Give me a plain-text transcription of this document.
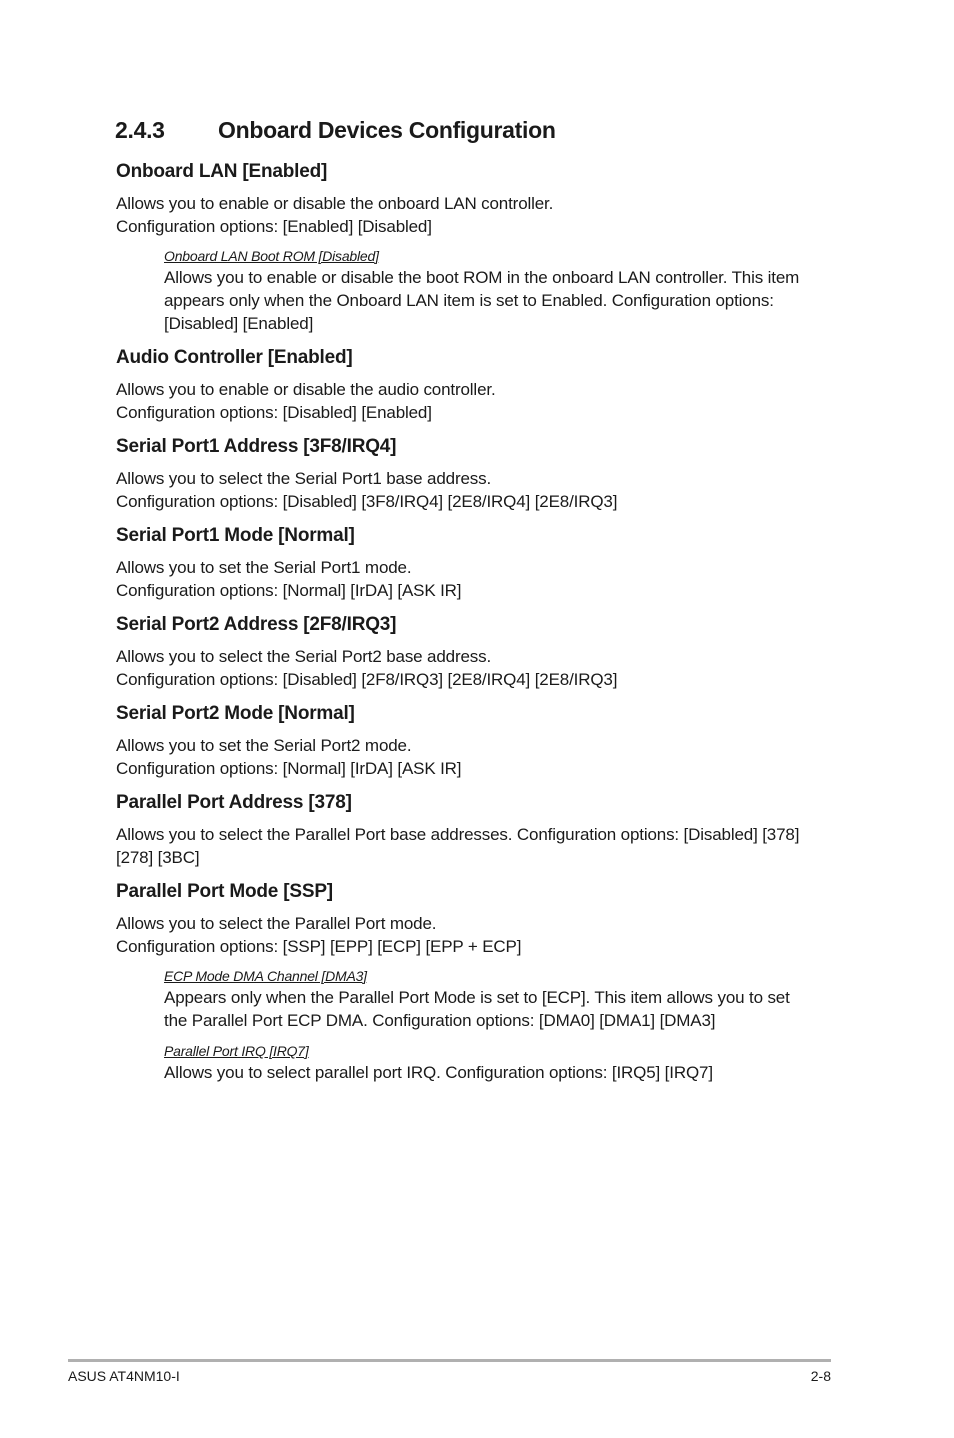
2.4.3 Onboard Devices Configuration
Onboard LAN [Enabled]

Allows you to enable or disable the onboard LAN controller.

Configuration options: [Enabled] [Disabled]

Onboard LAN Boot ROM [Disabled]

Allows you to enable or disable the boot ROM in the onboard LAN controller. This item

appears only when the Onboard LAN item is set to Enabled. Configuration options:

[Disabled] [Enabled]

Audio Controller [Enabled]

Allows you to enable or disable the audio controller.

Configuration options: [Disabled] [Enabled]

Serial Port1 Address [3F8/IRQ4]

Allows you to select the Serial Port1 base address.

Configuration options: [Disabled] [3F8/IRQ4] [2E8/IRQ4] [2E8/IRQ3]

Serial Port1 Mode [Normal]

Allows you to set the Serial Port1 mode.

Configuration options: [Normal] [IrDA] [ASK IR]

Serial Port2 Address [2F8/IRQ3]

Allows you to select the Serial Port2 base address.

Configuration options: [Disabled] [2F8/IRQ3] [2E8/IRQ4] [2E8/IRQ3]

Serial Port2 Mode [Normal]

Allows you to set the Serial Port2 mode.

Configuration options: [Normal] [IrDA] [ASK IR]

Parallel Port Address [378]

Allows you to select the Parallel Port base addresses. Configuration options: [Disabled] [378]

[278] [3BC]

Parallel Port Mode [SSP]

Allows you to select the Parallel Port mode.

Configuration options: [SSP] [EPP] [ECP] [EPP + ECP]

ECP Mode DMA Channel [DMA3]

Appears only when the Parallel Port Mode is set to [ECP]. This item allows you to set

the Parallel Port ECP DMA. Configuration options: [DMA0] [DMA1] [DMA3]

Parallel Port IRQ [IRQ7]

Allows you to select parallel port IRQ. Configuration options: [IRQ5] [IRQ7]

ASUS AT4NM10-I	2-8
